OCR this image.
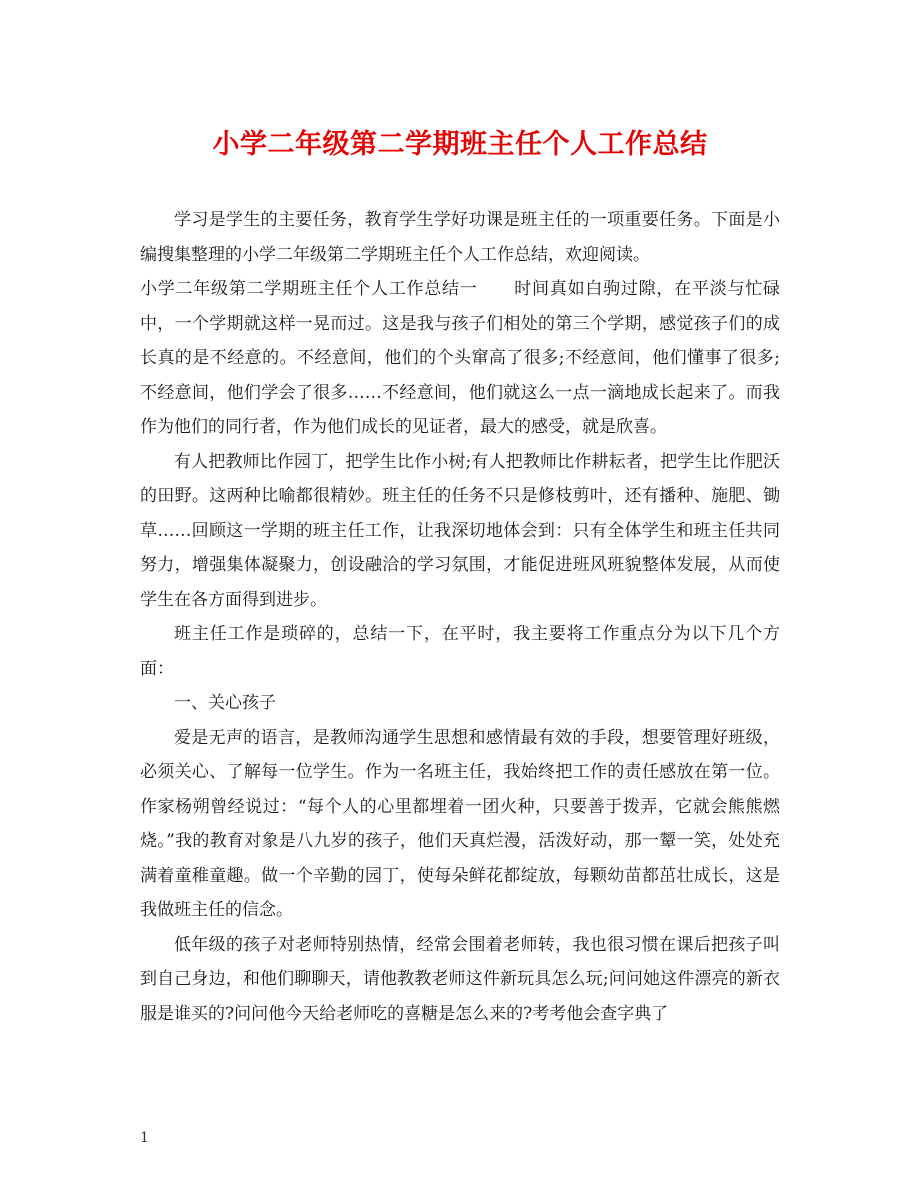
小学二年级第二学期班主任个人工作总结

学习是学生的主要任务，教育学生学好功课是班主任的一项重要任务。下面是小编搜集整理的小学二年级第二学期班主任个人工作总结，欢迎阅读。

小学二年级第二学期班主任个人工作总结一 时间真如白驹过隙，在平淡与忙碌中，一个学期就这样一晃而过。这是我与孩子们相处的第三个学期，感觉孩子们的成长真的是不经意的。不经意间，他们的个头窜高了很多;不经意间，他们懂事了很多;不经意间，他们学会了很多……不经意间，他们就这么一点一滴地成长起来了。而我作为他们的同行者，作为他们成长的见证者，最大的感受，就是欣喜。

有人把教师比作园丁，把学生比作小树;有人把教师比作耕耘者，把学生比作肥沃的田野。这两种比喻都很精妙。班主任的任务不只是修枝剪叶，还有播种、施肥、锄草……回顾这一学期的班主任工作，让我深切地体会到：只有全体学生和班主任共同努力，增强集体凝聚力，创设融洽的学习氛围，才能促进班风班貌整体发展，从而使学生在各方面得到进步。

班主任工作是琐碎的，总结一下，在平时，我主要将工作重点分为以下几个方面：

一、关心孩子

爱是无声的语言，是教师沟通学生思想和感情最有效的手段，想要管理好班级，必须关心、了解每一位学生。作为一名班主任，我始终把工作的责任感放在第一位。作家杨朔曾经说过：“每个人的心里都埋着一团火种，只要善于拨弄，它就会熊熊燃烧。”我的教育对象是八九岁的孩子，他们天真烂漫，活泼好动，那一颦一笑，处处充满着童稚童趣。做一个辛勤的园丁，使每朵鲜花都绽放，每颗幼苗都茁壮成长，这是我做班主任的信念。

低年级的孩子对老师特别热情，经常会围着老师转，我也很习惯在课后把孩子叫到自己身边，和他们聊聊天，请他教教老师这件新玩具怎么玩;问问她这件漂亮的新衣服是谁买的?问问他今天给老师吃的喜糖是怎么来的?考考他会查字典了

1
